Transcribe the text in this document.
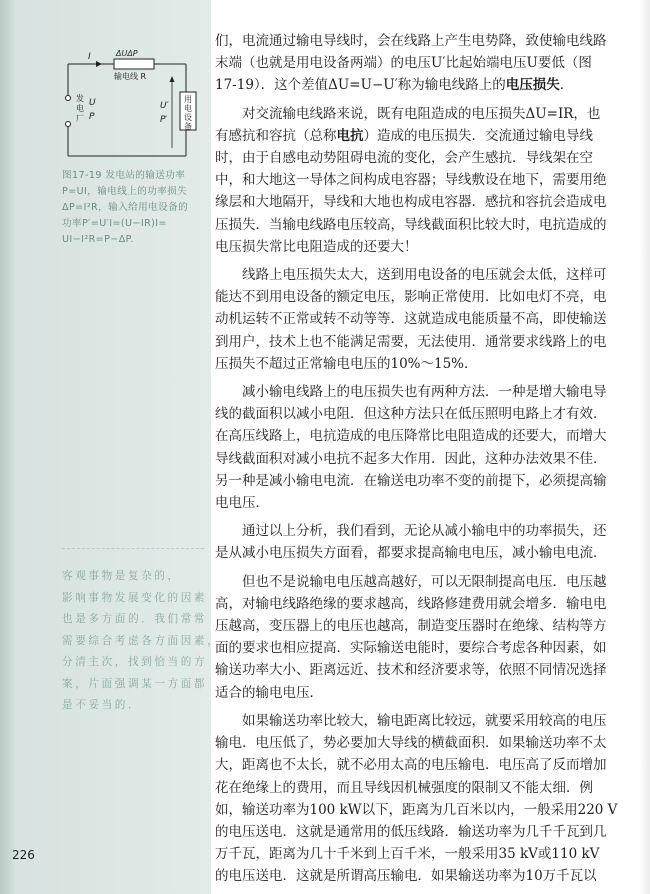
I	ΔUΔP
输电线 R
发
电
厂
U
P
U′
P′
用
电
设
备
图17-19 发电站的输送功率
P=UI，输电线上的功率损失
ΔP=I²R，输入给用电设备的
功率P′=U′I=(U−IR)I=
UI−I²R=P−ΔP.
客观事物是复杂的，
影响事物发展变化的因素
也是多方面的．我们常常
需要综合考虑各方面因素，
分清主次，找到恰当的方
案，片面强调某一方面都
是不妥当的．

们，电流通过输电导线时，会在线路上产生电势降，致使输电线路
末端（也就是用电设备两端）的电压U′比起始端电压U要低（图
17-19）．这个差值ΔU=U−U′称为输电线路上的电压损失．

对交流输电线路来说，既有电阻造成的电压损失ΔU=IR，也
有感抗和容抗（总称电抗）造成的电压损失．交流通过输电导线
时，由于自感电动势阻碍电流的变化，会产生感抗．导线架在空
中，和大地这一导体之间构成电容器；导线敷设在地下，需要用绝
缘层和大地隔开，导线和大地也构成电容器．感抗和容抗会造成电
压损失．当输电线路电压较高，导线截面积比较大时，电抗造成的
电压损失常比电阻造成的还要大！

线路上电压损失太大，送到用电设备的电压就会太低，这样可
能达不到用电设备的额定电压，影响正常使用．比如电灯不亮，电
动机运转不正常或转不动等等．这就造成电能质量不高，即使输送
到用户，技术上也不能满足需要，无法使用．通常要求线路上的电
压损失不超过正常输电电压的10%～15%．

减小输电线路上的电压损失也有两种方法．一种是增大输电导
线的截面积以减小电阻．但这种方法只在低压照明电路上才有效．
在高压线路上，电抗造成的电压降常比电阻造成的还要大，而增大
导线截面积对减小电抗不起多大作用．因此，这种办法效果不佳．
另一种是减小输电电流．在输送电功率不变的前提下，必须提高输
电电压．

通过以上分析，我们看到，无论从减小输电中的功率损失，还
是从减小电压损失方面看，都要求提高输电电压，减小输电电流．

但也不是说输电电压越高越好，可以无限制提高电压．电压越
高，对输电线路绝缘的要求越高，线路修建费用就会增多．输电电
压越高，变压器上的电压也越高，制造变压器时在绝缘、结构等方
面的要求也相应提高．实际输送电能时，要综合考虑各种因素，如
输送功率大小、距离远近、技术和经济要求等，依照不同情况选择
适合的输电电压．

如果输送功率比较大，输电距离比较远，就要采用较高的电压
输电．电压低了，势必要加大导线的横截面积．如果输送功率不太
大，距离也不太长，就不必用太高的电压输电．电压高了反而增加
花在绝缘上的费用，而且导线因机械强度的限制又不能太细．例
如，输送功率为100 kW以下，距离为几百米以内，一般采用220 V
的电压送电．这就是通常用的低压线路．输送功率为几千千瓦到几
万千瓦，距离为几十千米到上百千米，一般采用35 kV或110 kV
的电压送电．这就是所谓高压输电．如果输送功率为10万千瓦以

226
